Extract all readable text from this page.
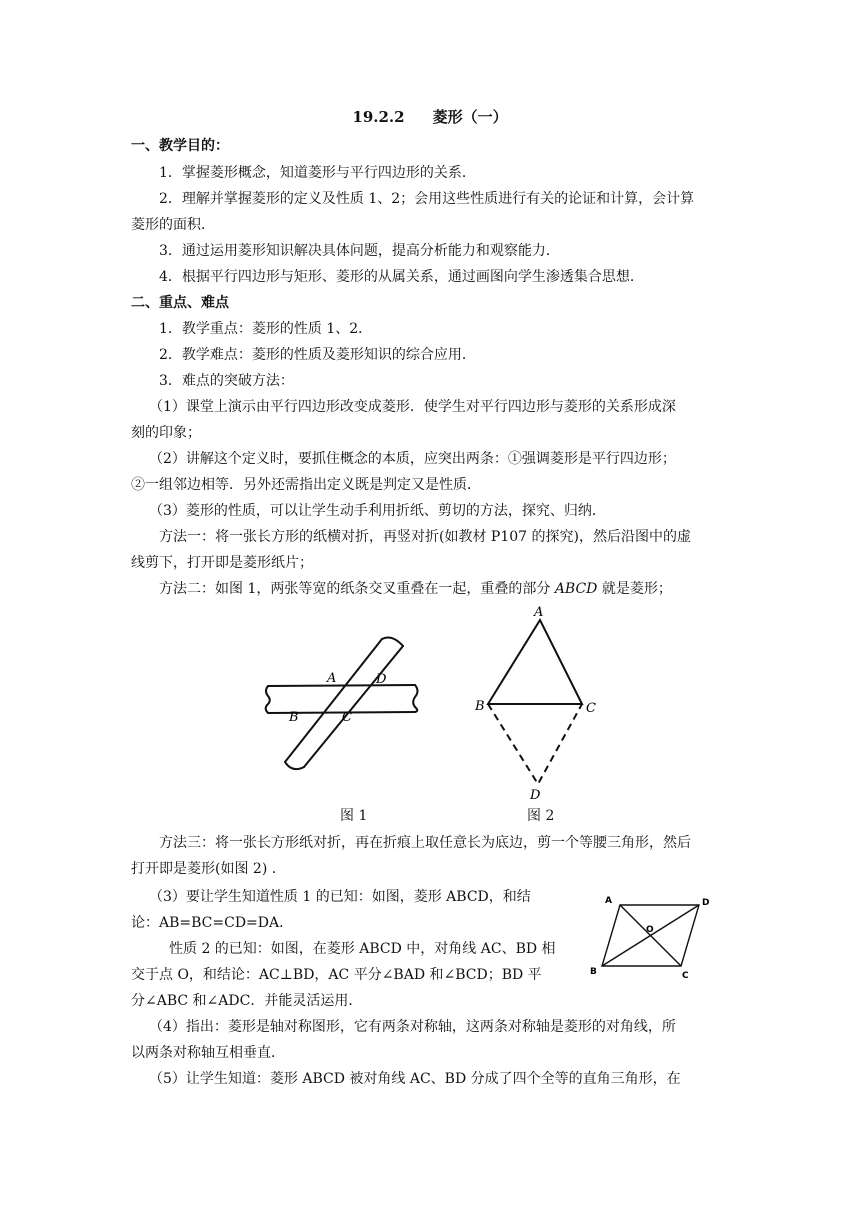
19.2.2 菱形（一）
一、教学目的：
1．掌握菱形概念，知道菱形与平行四边形的关系．
2．理解并掌握菱形的定义及性质 1、2；会用这些性质进行有关的论证和计算，会计算
菱形的面积．
3．通过运用菱形知识解决具体问题，提高分析能力和观察能力．
4．根据平行四边形与矩形、菱形的从属关系，通过画图向学生渗透集合思想．
二、重点、难点
1．教学重点：菱形的性质 1、2．
2．教学难点：菱形的性质及菱形知识的综合应用．
3．难点的突破方法：
（1）课堂上演示由平行四边形改变成菱形．使学生对平行四边形与菱形的关系形成深
刻的印象；
（2）讲解这个定义时，要抓住概念的本质，应突出两条：①强调菱形是平行四边形；
②一组邻边相等．另外还需指出定义既是判定又是性质．
（3）菱形的性质，可以让学生动手利用折纸、剪切的方法，探究、归纳．
方法一：将一张长方形的纸横对折，再竖对折(如教材 P107 的探究)，然后沿图中的虚
线剪下，打开即是菱形纸片；
方法二：如图 1，两张等宽的纸条交叉重叠在一起，重叠的部分 ABCD 就是菱形；
A	D
B	C
A
B	C
D
图 1	图 2
方法三：将一张长方形纸对折，再在折痕上取任意长为底边，剪一个等腰三角形，然后
打开即是菱形(如图 2) ．
（3）要让学生知道性质 1 的已知：如图，菱形 ABCD，和结
论：AB=BC=CD=DA．
性质 2 的已知：如图，在菱形 ABCD 中，对角线 AC、BD 相
交于点 O，和结论：AC⊥BD，AC 平分∠BAD 和∠BCD；BD 平
分∠ABC 和∠ADC．并能灵活运用．
A	D
O
B	C
（4）指出：菱形是轴对称图形，它有两条对称轴，这两条对称轴是菱形的对角线，所
以两条对称轴互相垂直．
（5）让学生知道：菱形 ABCD 被对角线 AC、BD 分成了四个全等的直角三角形，在
